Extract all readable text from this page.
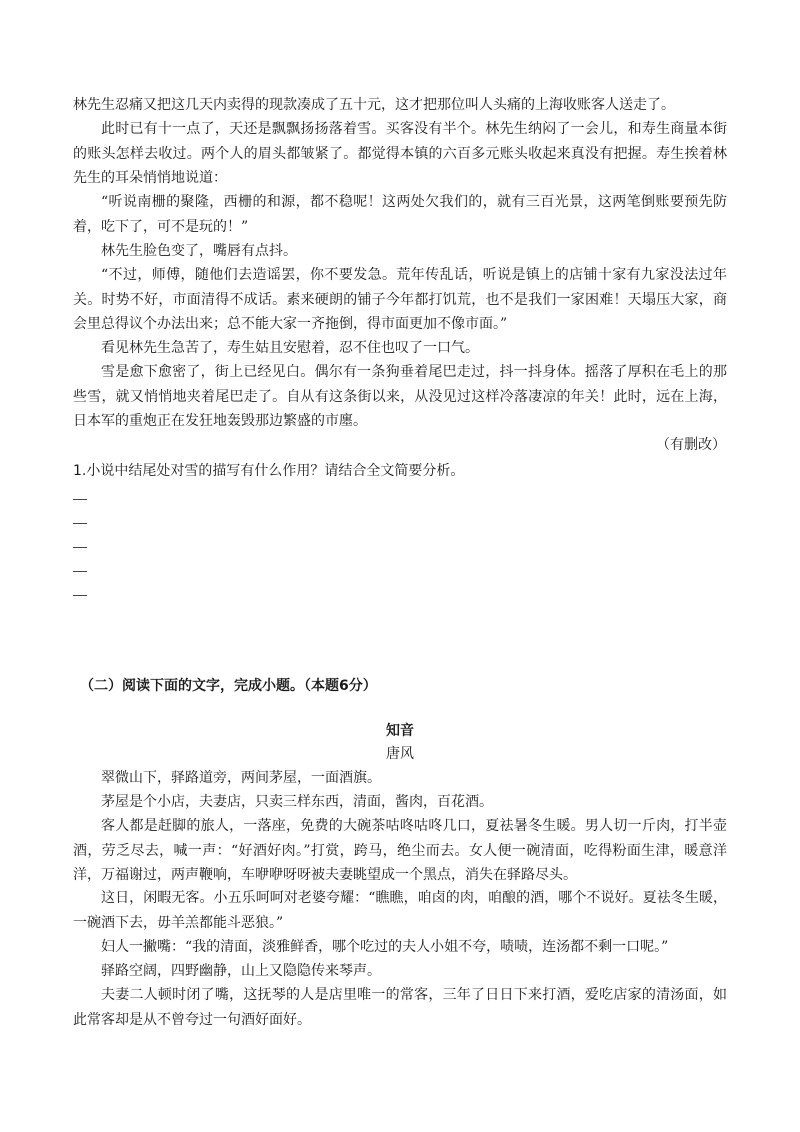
林先生忍痛又把这几天内卖得的现款凑成了五十元，这才把那位叫人头痛的上海收账客人送走了。

此时已有十一点了，天还是飘飘扬扬落着雪。买客没有半个。林先生纳闷了一会儿，和寿生商量本街的账头怎样去收过。两个人的眉头都皱紧了。都觉得本镇的六百多元账头收起来真没有把握。寿生挨着林先生的耳朵悄悄地说道：

“听说南栅的聚隆，西栅的和源，都不稳呢！这两处欠我们的，就有三百光景，这两笔倒账要预先防着，吃下了，可不是玩的！”

林先生脸色变了，嘴唇有点抖。

“不过，师傅，随他们去造谣罢，你不要发急。荒年传乱话，听说是镇上的店铺十家有九家没法过年关。时势不好，市面清得不成话。素来硬朗的铺子今年都打饥荒，也不是我们一家困难！天塌压大家，商会里总得议个办法出来；总不能大家一齐拖倒，得市面更加不像市面。”

看见林先生急苦了，寿生姑且安慰着，忍不住也叹了一口气。

雪是愈下愈密了，街上已经见白。偶尔有一条狗垂着尾巴走过，抖一抖身体。摇落了厚积在毛上的那些雪，就又悄悄地夹着尾巴走了。自从有这条街以来，从没见过这样冷落凄凉的年关！此时，远在上海，日本军的重炮正在发狂地轰毁那边繁盛的市廛。

（有删改）
1.小说中结尾处对雪的描写有什么作用？请结合全文简要分析。
（二）阅读下面的文字，完成小题。（本题6分）
知音
唐风

翠微山下，驿路道旁，两间茅屋，一面酒旗。

茅屋是个小店，夫妻店，只卖三样东西，清面，酱肉，百花酒。

客人都是赶脚的旅人，一落座，免费的大碗茶咕咚咕咚几口，夏祛暑冬生暖。男人切一斤肉，打半壶酒，劳乏尽去，喊一声：“好酒好肉。”打赏，跨马，绝尘而去。女人便一碗清面，吃得粉面生津，暖意洋洋，万福谢过，两声鞭响，车咿咿呀呀被夫妻眺望成一个黑点，消失在驿路尽头。

这日，闲暇无客。小五乐呵呵对老婆夸耀：“瞧瞧，咱卤的肉，咱酿的酒，哪个不说好。夏祛冬生暖，一碗酒下去，毋羊羔都能斗恶狼。”

妇人一撇嘴：“我的清面，淡雅鲜香，哪个吃过的夫人小姐不夸，啧啧，连汤都不剩一口呢。”

驿路空阔，四野幽静，山上又隐隐传来琴声。

夫妻二人顿时闭了嘴，这抚琴的人是店里唯一的常客，三年了日日下来打酒，爱吃店家的清汤面，如此常客却是从不曾夸过一句酒好面好。
